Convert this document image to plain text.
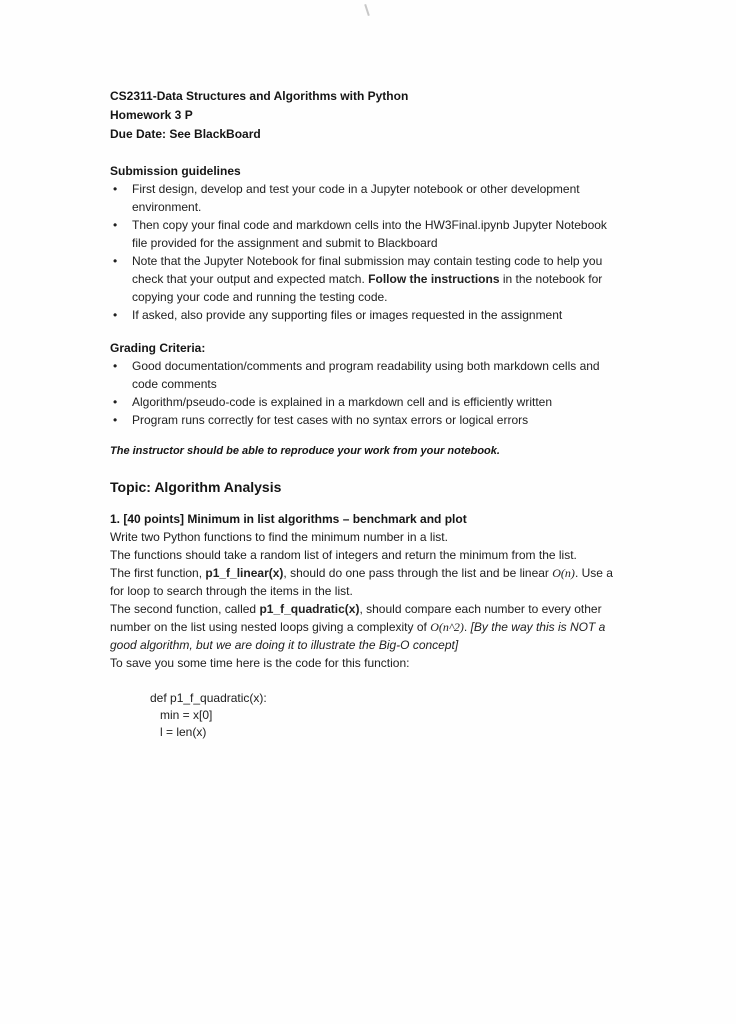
CS2311-Data Structures and Algorithms with Python
Homework 3 P
Due Date: See BlackBoard
Submission guidelines
• First design, develop and test your code in a Jupyter notebook or other development environment.
• Then copy your final code and markdown cells into the HW3Final.ipynb Jupyter Notebook file provided for the assignment and submit to Blackboard
• Note that the Jupyter Notebook for final submission may contain testing code to help you check that your output and expected match. Follow the instructions in the notebook for copying your code and running the testing code.
• If asked, also provide any supporting files or images requested in the assignment
Grading Criteria:
• Good documentation/comments and program readability using both markdown cells and code comments
• Algorithm/pseudo-code is explained in a markdown cell and is efficiently written
• Program runs correctly for test cases with no syntax errors or logical errors
The instructor should be able to reproduce your work from your notebook.
Topic: Algorithm Analysis
1. [40 points] Minimum in list algorithms – benchmark and plot

Write two Python functions to find the minimum number in a list.

The functions should take a random list of integers and return the minimum from the list.

The first function, p1_f_linear(x), should do one pass through the list and be linear O(n). Use a for loop to search through the items in the list.

The second function, called p1_f_quadratic(x), should compare each number to every other number on the list using nested loops giving a complexity of O(n^2). [By the way this is NOT a good algorithm, but we are doing it to illustrate the Big-O concept]

To save you some time here is the code for this function:

def p1_f_quadratic(x):
min = x[0]
l = len(x)
